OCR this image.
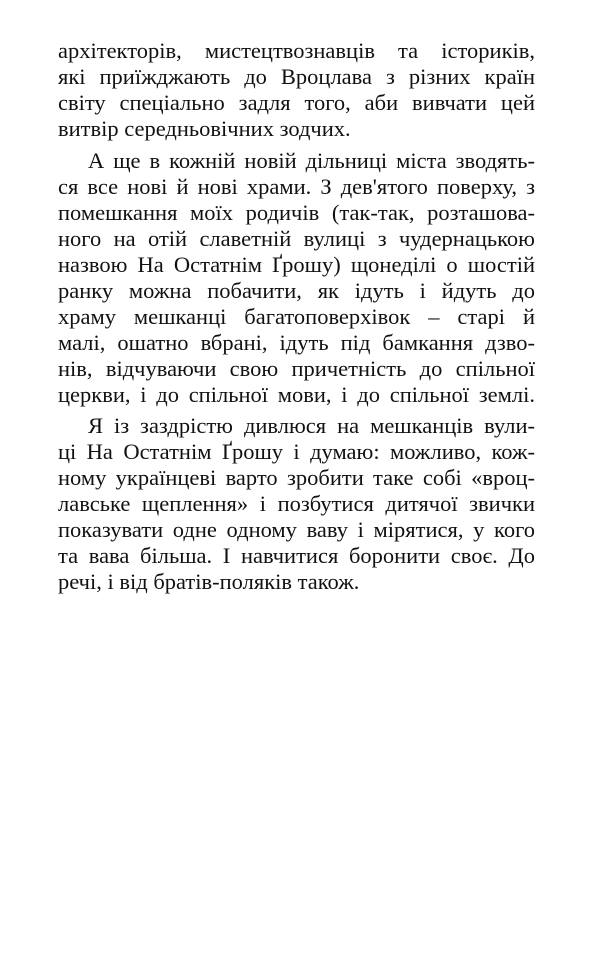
архітекторів, мистецтвознавців та істориків,
які приїжджають до Вроцлава з різних країн
світу спеціально задля того, аби вивчати цей
витвір середньовічних зодчих.
А ще в кожній новій дільниці міста зводять-
ся все нові й нові храми. З дев'ятого поверху, з
помешкання моїх родичів (так-так, розташова-
ного на отій славетній вулиці з чудернацькою
назвою На Остатнім Ґрошу) щонеділі о шостій
ранку можна побачити, як ідуть і йдуть до
храму мешканці багатоповерхівок – старі й
малі, ошатно вбрані, ідуть під бамкання дзво-
нів, відчуваючи свою причетність до спільної
церкви, і до спільної мови, і до спільної землі.
Я із заздрістю дивлюся на мешканців вули-
ці На Остатнім Ґрошу і думаю: можливо, кож-
ному українцеві варто зробити таке собі «вроц-
лавське щеплення» і позбутися дитячої звички
показувати одне одному ваву і мірятися, у кого
та вава більша. І навчитися боронити своє. До
речі, і від братів-поляків також.
